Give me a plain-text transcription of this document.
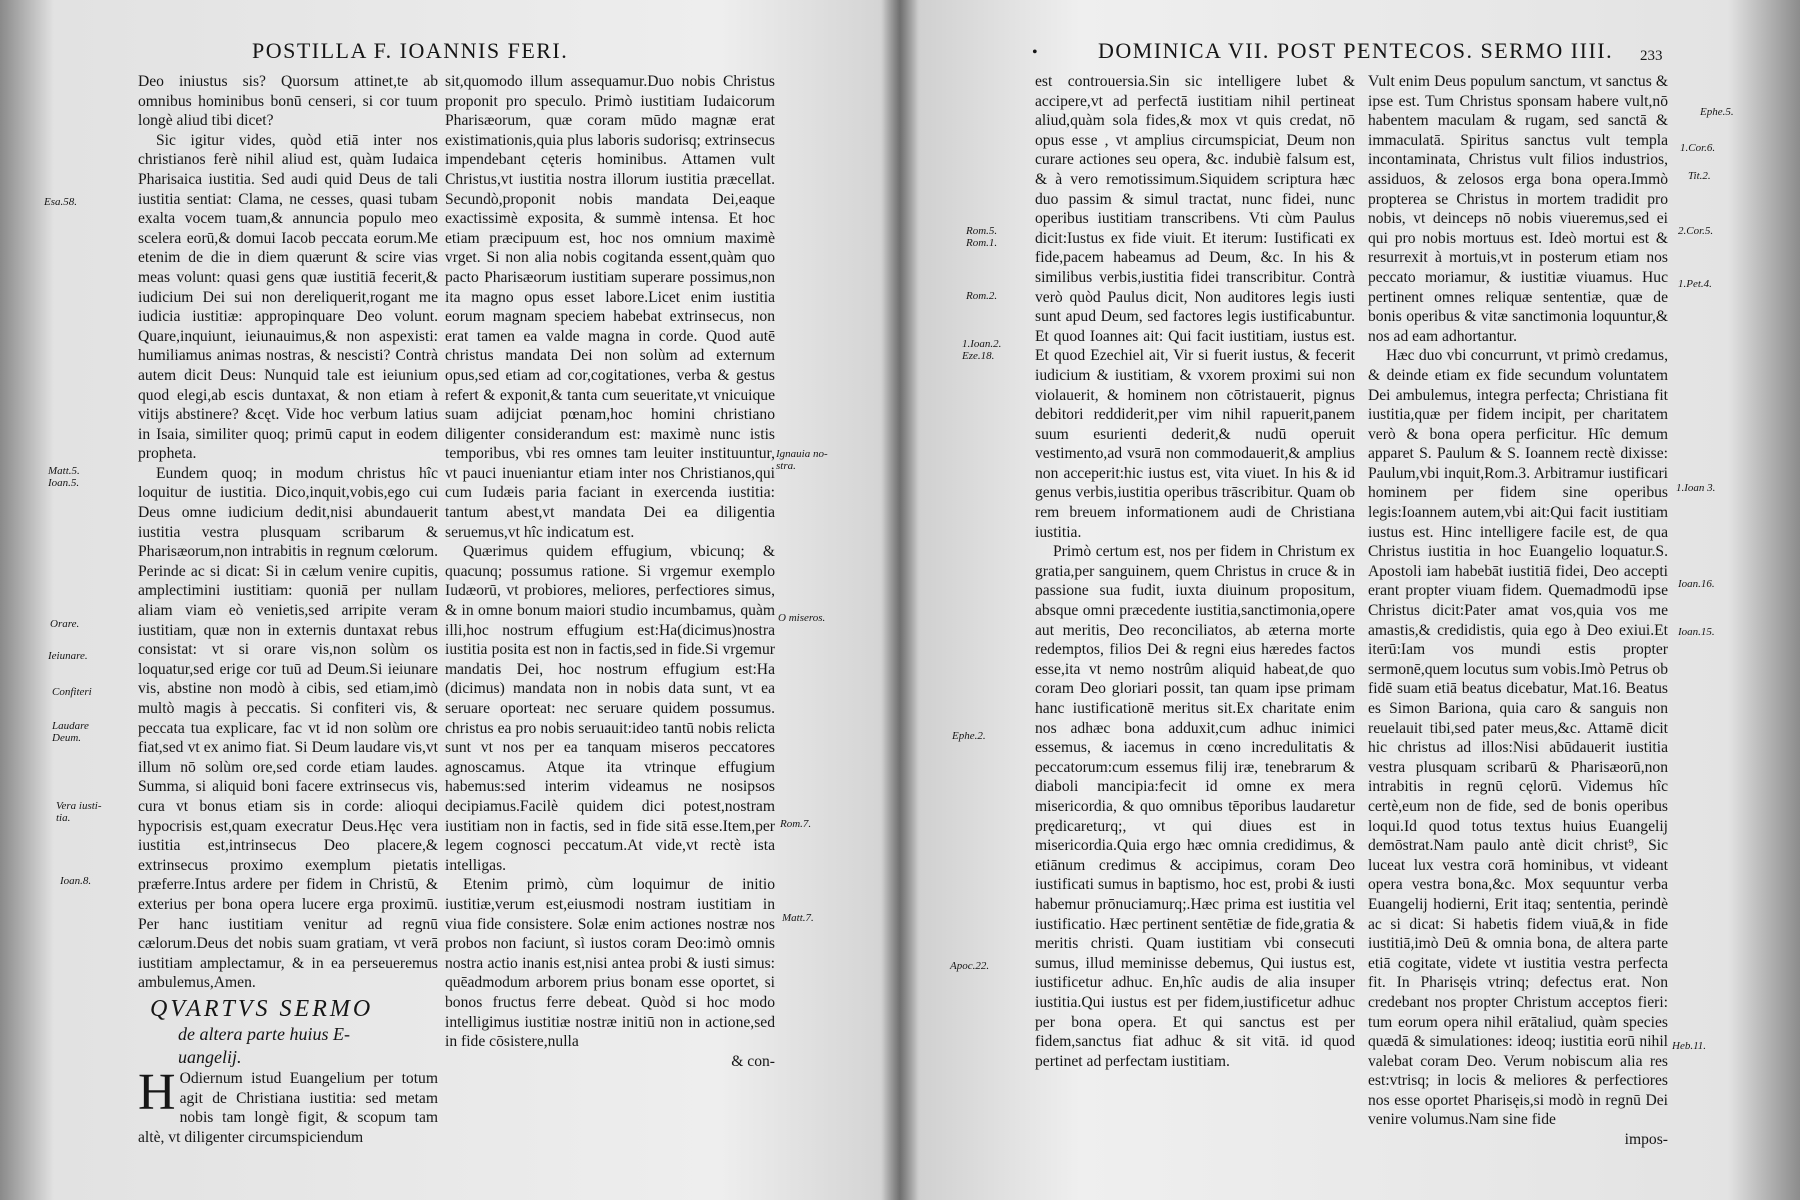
POSTILLA F. IOANNIS FERI.

Deo iniustus sis? Quorsum attinet,te ab omnibus hominibus bonū censeri, si cor tuum longè aliud tibi dicet?

Sic igitur vides, quòd etiā inter nos christianos ferè nihil aliud est, quàm Iudaica Pharisaica iustitia. Sed audi quid Deus de tali iustitia sentiat: Clama, ne cesses, quasi tubam exalta vocem tuam,& annuncia populo meo scelera eorū,& domui Iacob peccata eorum.Me etenim de die in diem quærunt & scire vias meas volunt: quasi gens quæ iustitiā fecerit,& iudicium Dei sui non dereliquerit,rogant me iudicia iustitiæ: appropinquare Deo volunt. Quare,inquiunt, ieiunauimus,& non aspexisti: humiliamus animas nostras, & nescisti? Contrà autem dicit Deus: Nunquid tale est ieiunium quod elegi,ab escis duntaxat, & non etiam à vitijs abstinere? &cęt. Vide hoc verbum latius in Isaia, similiter quoq; primū caput in eodem propheta.

Eundem quoq; in modum christus hîc loquitur de iustitia. Dico,inquit,vobis,ego cui Deus omne iudicium dedit,nisi abundauerit iustitia vestra plusquam scribarum & Pharisæorum,non intrabitis in regnum cœlorum. Perinde ac si dicat: Si in cælum venire cupitis, amplectimini iustitiam: quoniā per nullam aliam viam eò venietis,sed arripite veram iustitiam, quæ non in externis duntaxat rebus consistat: vt si orare vis,non solùm os loquatur,sed erige cor tuū ad Deum.Si ieiunare vis, abstine non modò à cibis, sed etiam,imò multò magis à peccatis. Si confiteri vis, & peccata tua explicare, fac vt id non solùm ore fiat,sed vt ex animo fiat. Si Deum laudare vis,vt illum nō solùm ore,sed corde etiam laudes. Summa, si aliquid boni facere extrinsecus vis, cura vt bonus etiam sis in corde: alioqui hypocrisis est,quam execratur Deus.Hęc vera iustitia est,intrinsecus Deo placere,& extrinsecus proximo exemplum pietatis præferre.Intus ardere per fidem in Christū, & exterius per bona opera lucere erga proximū. Per hanc iustitiam venitur ad regnū cælorum.Deus det nobis suam gratiam, vt verā iustitiam amplectamur, & in ea perseueremus ambulemus,Amen.

QVARTVS SERMO
de altera parte huius E-
uangelij.

H Odiernum istud Euangelium per totum agit de Christiana iustitia: sed metam nobis tam longè figit, & scopum tam altè, vt diligenter circumspiciendum

sit,quomodo illum assequamur.Duo nobis Christus proponit pro speculo. Primò iustitiam Iudaicorum Pharisæorum, quæ coram mūdo magnæ erat existimationis,quia plus laboris sudorisq; extrinsecus impendebant cęteris hominibus. Attamen vult Christus,vt iustitia nostra illorum iustitia præcellat. Secundò,proponit nobis mandata Dei,eaque exactissimè exposita, & summè intensa. Et hoc etiam præcipuum est, hoc nos omnium maximè vrget. Si non alia nobis cogitanda essent,quàm quo pacto Pharisæorum iustitiam superare possimus,non ita magno opus esset labore.Licet enim iustitia eorum magnam speciem habebat extrinsecus, non erat tamen ea valde magna in corde. Quod autē christus mandata Dei non solùm ad externum opus,sed etiam ad cor,cogitationes, verba & gestus refert & exponit,& tanta cum seueritate,vt vnicuique suam adijciat pœnam,hoc homini christiano diligenter considerandum est: maximè nunc istis temporibus, vbi res omnes tam leuiter instituuntur, vt pauci inueniantur etiam inter nos Christianos,qui cum Iudæis paria faciant in exercenda iustitia: tantum abest,vt mandata Dei ea diligentia seruemus,vt hîc indicatum est.

Quærimus quidem effugium, vbicunq; & quacunq; possumus ratione. Si vrgemur exemplo Iudæorū, vt probiores, meliores, perfectiores simus, & in omne bonum maiori studio incumbamus, quàm illi,hoc nostrum effugium est:Ha(dicimus)nostra iustitia posita est non in factis,sed in fide.Si vrgemur mandatis Dei, hoc nostrum effugium est:Ha (dicimus) mandata non in nobis data sunt, vt ea seruare oporteat: nec seruare quidem possumus. christus ea pro nobis seruauit:ideo tantū nobis relicta sunt vt nos per ea tanquam miseros peccatores agnoscamus. Atque ita vtrinque effugium habemus:sed interim videamus ne nosipsos decipiamus.Facilè quidem dici potest,nostram iustitiam non in factis, sed in fide sitā esse.Item,per legem cognosci peccatum.At vide,vt rectè ista intelligas.

Etenim primò, cùm loquimur de initio iustitiæ,verum est,eiusmodi nostram iustitiam in viua fide consistere. Solæ enim actiones nostræ nos probos non faciunt, sì iustos coram Deo:imò omnis nostra actio inanis est,nisi antea probi & iusti simus: quēadmodum arborem prius bonam esse oportet, si bonos fructus ferre debeat. Quòd si hoc modo intelligimus iustitiæ nostræ initiū non in actione,sed in fide cōsistere,nulla

& con-
Esa.58.
Matt.5.
Ioan.5.
Orare.
Ieiunare.
Confiteri
Laudare
Deum.
Vera iusti-
tia.
Ioan.8.
Ignauia no-
stra.
O miseros.
Rom.7.
Matt.7.
•	DOMINICA VII. POST PENTECOS. SERMO IIII. 233

est controuersia.Sin sic intelligere lubet & accipere,vt ad perfectā iustitiam nihil pertineat aliud,quàm sola fides,& mox vt quis credat, nō opus esse , vt amplius circumspiciat, Deum non curare actiones seu opera, &c. indubiè falsum est, & à vero remotissimum.Siquidem scriptura hæc duo passim & simul tractat, nunc fidei, nunc operibus iustitiam transcribens. Vti cùm Paulus dicit:Iustus ex fide viuit. Et iterum: Iustificati ex fide,pacem habeamus ad Deum, &c. In his & similibus verbis,iustitia fidei transcribitur. Contrà verò quòd Paulus dicit, Non auditores legis iusti sunt apud Deum, sed factores legis iustificabuntur. Et quod Ioannes ait: Qui facit iustitiam, iustus est. Et quod Ezechiel ait, Vir si fuerit iustus, & fecerit iudicium & iustitiam, & vxorem proximi sui non violauerit, & hominem non cōtristauerit, pignus debitori reddiderit,per vim nihil rapuerit,panem suum esurienti dederit,& nudū operuit vestimento,ad vsurā non commodauerit,& amplius non acceperit:hic iustus est, vita viuet. In his & id genus verbis,iustitia operibus trāscribitur. Quam ob rem breuem informationem audi de Christiana iustitia.

Primò certum est, nos per fidem in Christum ex gratia,per sanguinem, quem Christus in cruce & in passione sua fudit, iuxta diuinum propositum, absque omni præcedente iustitia,sanctimonia,opere aut meritis, Deo reconciliatos, ab æterna morte redemptos, filios Dei & regni eius hæredes factos esse,ita vt nemo nostrûm aliquid habeat,de quo coram Deo gloriari possit, tan quam ipse primam hanc iustificationē meritus sit.Ex charitate enim nos adhæc bona adduxit,cum adhuc inimici essemus, & iacemus in cœno incredulitatis & peccatorum:cum essemus filij iræ, tenebrarum & diaboli mancipia:fecit id omne ex mera misericordia, & quo omnibus tēporibus laudaretur prędicareturq;, vt qui diues est in misericordia.Quia ergo hæc omnia credidimus, & etiānum credimus & accipimus, coram Deo iustificati sumus in baptismo, hoc est, probi & iusti habemur prōnuciamurq;.Hæc prima est iustitia vel iustificatio. Hæc pertinent sentētiæ de fide,gratia & meritis christi. Quam iustitiam vbi consecuti sumus, illud meminisse debemus, Qui iustus est, iustificetur adhuc. En,hîc audis de alia insuper iustitia.Qui iustus est per fidem,iustificetur adhuc per bona opera. Et qui sanctus est per fidem,sanctus fiat adhuc & sit vitā. id quod pertinet ad perfectam iustitiam.

Vult enim Deus populum sanctum, vt sanctus & ipse est. Tum Christus sponsam habere vult,nō habentem maculam & rugam, sed sanctā & immaculatā. Spiritus sanctus vult templa incontaminata, Christus vult filios industrios, assiduos, & zelosos erga bona opera.Immò propterea se Christus in mortem tradidit pro nobis, vt deinceps nō nobis viueremus,sed ei qui pro nobis mortuus est. Ideò mortui est & resurrexit à mortuis,vt in posterum etiam nos peccato moriamur, & iustitiæ viuamus. Huc pertinent omnes reliquæ sententiæ, quæ de bonis operibus & vitæ sanctimonia loquuntur,& nos ad eam adhortantur.

Hæc duo vbi concurrunt, vt primò credamus, & deinde etiam ex fide secundum voluntatem Dei ambulemus, integra perfecta; Christiana fit iustitia,quæ per fidem incipit, per charitatem verò & bona opera perficitur. Hîc demum apparet S. Paulum & S. Ioannem rectè dixisse: Paulum,vbi inquit,Rom.3. Arbitramur iustificari hominem per fidem sine operibus legis:Ioannem autem,vbi ait:Qui facit iustitiam iustus est. Hinc intelligere facile est, de qua Christus iustitia in hoc Euangelio loquatur.S. Apostoli iam habebāt iustitiā fidei, Deo accepti erant propter viuam fidem. Quemadmodū ipse Christus dicit:Pater amat vos,quia vos me amastis,& credidistis, quia ego à Deo exiui.Et iterū:Iam vos mundi estis propter sermonē,quem locutus sum vobis.Imò Petrus ob fidē suam etiā beatus dicebatur, Mat.16. Beatus es Simon Bariona, quia caro & sanguis non reuelauit tibi,sed pater meus,&c. Attamē dicit hic christus ad illos:Nisi abūdauerit iustitia vestra plusquam scribarū & Pharisæorū,non intrabitis in regnū cęlorū. Videmus hîc certè,eum non de fide, sed de bonis operibus loqui.Id quod totus textus huius Euangelij demōstrat.Nam paulo antè dicit christ⁹, Sic luceat lux vestra corā hominibus, vt videant opera vestra bona,&c. Mox sequuntur verba Euangelij hodierni, Erit itaq; sententia, perindè ac si dicat: Si habetis fidem viuā,& in fide iustitiā,imò Deū & omnia bona, de altera parte etiā cogitate, videte vt iustitia vestra perfecta fit. In Pharisęis vtrinq; defectus erat. Non credebant nos propter Christum acceptos fieri: tum eorum opera nihil erātaliud, quàm species quædā & simulationes: ideoq; iustitia eorū nihil valebat coram Deo. Verum nobiscum alia res est:vtrisq; in locis & meliores & perfectiores nos esse oportet Pharisęis,si modò in regnū Dei venire volumus.Nam sine fide

impos-
Rom.5.
Rom.1.
Rom.2.
1.Ioan.2.
Eze.18.
Ephe.2.
Apoc.22.
Ephe.5.
1.Cor.6.
Tit.2.
2.Cor.5.
1.Pet.4.
1.Ioan 3.
Ioan.16.
Ioan.15.
Heb.11.
